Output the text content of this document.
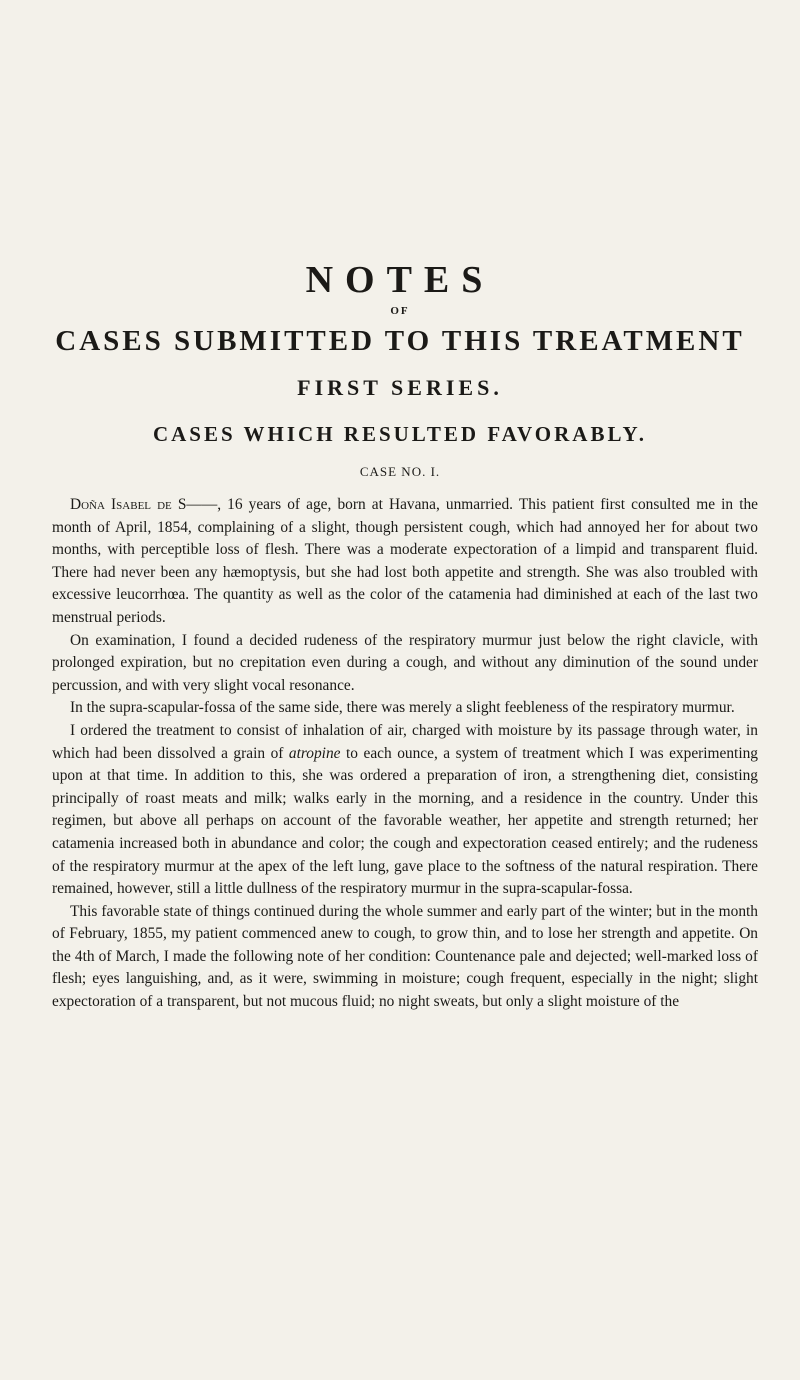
NOTES
OF
CASES SUBMITTED TO THIS TREATMENT
FIRST SERIES.
CASES WHICH RESULTED FAVORABLY.
CASE NO. I.

Doña Isabel de S——, 16 years of age, born at Havana, unmarried. This patient first consulted me in the month of April, 1854, complaining of a slight, though persistent cough, which had annoyed her for about two months, with perceptible loss of flesh. There was a moderate expectoration of a limpid and transparent fluid. There had never been any hæmoptysis, but she had lost both appetite and strength. She was also troubled with excessive leucorrhœa. The quantity as well as the color of the catamenia had diminished at each of the last two menstrual periods.

On examination, I found a decided rudeness of the respiratory murmur just below the right clavicle, with prolonged expiration, but no crepitation even during a cough, and without any diminution of the sound under percussion, and with very slight vocal resonance.

In the supra-scapular-fossa of the same side, there was merely a slight feebleness of the respiratory murmur.

I ordered the treatment to consist of inhalation of air, charged with moisture by its passage through water, in which had been dissolved a grain of atropine to each ounce, a system of treatment which I was experimenting upon at that time. In addition to this, she was ordered a preparation of iron, a strengthening diet, consisting principally of roast meats and milk; walks early in the morning, and a residence in the country. Under this regimen, but above all perhaps on account of the favorable weather, her appetite and strength returned; her catamenia increased both in abundance and color; the cough and expectoration ceased entirely; and the rudeness of the respiratory murmur at the apex of the left lung, gave place to the softness of the natural respiration. There remained, however, still a little dullness of the respiratory murmur in the supra-scapular-fossa.

This favorable state of things continued during the whole summer and early part of the winter; but in the month of February, 1855, my patient commenced anew to cough, to grow thin, and to lose her strength and appetite. On the 4th of March, I made the following note of her condition: Countenance pale and dejected; well-marked loss of flesh; eyes languishing, and, as it were, swimming in moisture; cough frequent, especially in the night; slight expectoration of a transparent, but not mucous fluid; no night sweats, but only a slight moisture of the
